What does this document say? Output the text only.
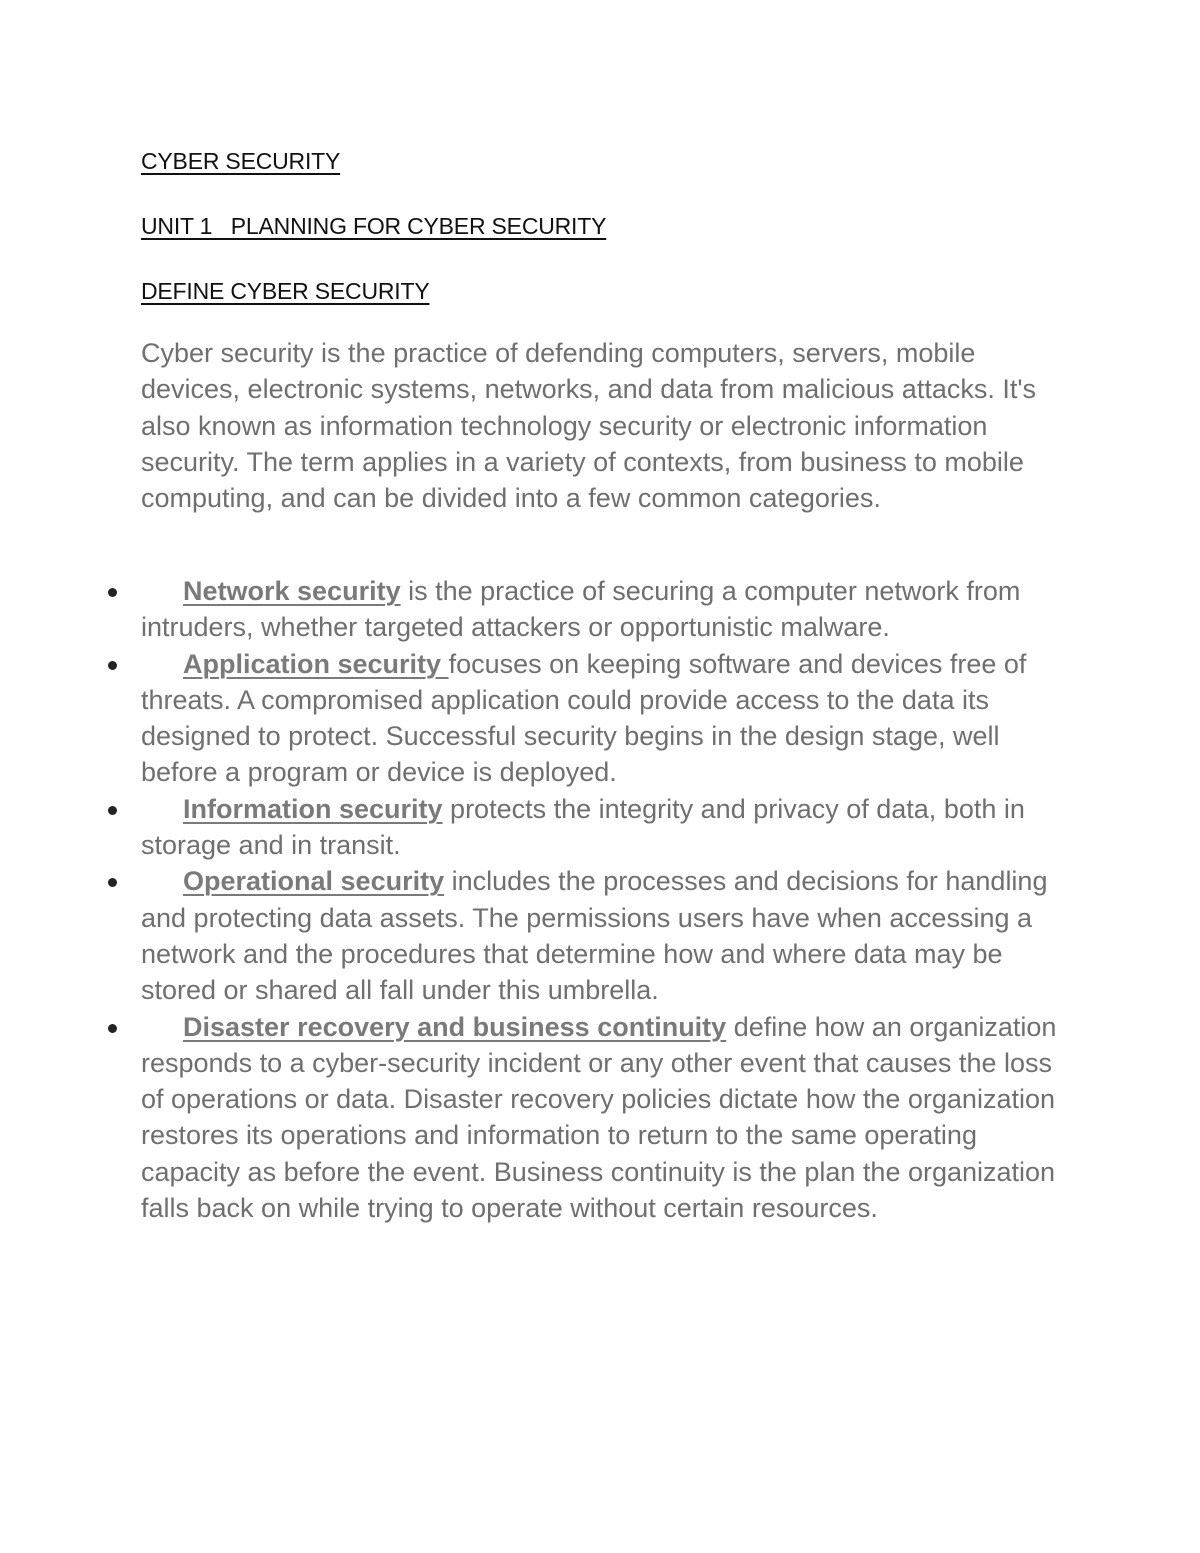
CYBER SECURITY

UNIT 1   PLANNING FOR CYBER SECURITY

DEFINE CYBER SECURITY

Cyber security is the practice of defending computers, servers, mobile devices, electronic systems, networks, and data from malicious attacks. It's also known as information technology security or electronic information security. The term applies in a variety of contexts, from business to mobile computing, and can be divided into a few common categories.

Network security is the practice of securing a computer network from intruders, whether targeted attackers or opportunistic malware.
Application security focuses on keeping software and devices free of threats. A compromised application could provide access to the data its designed to protect. Successful security begins in the design stage, well before a program or device is deployed.
Information security protects the integrity and privacy of data, both in storage and in transit.
Operational security includes the processes and decisions for handling and protecting data assets. The permissions users have when accessing a network and the procedures that determine how and where data may be stored or shared all fall under this umbrella.
Disaster recovery and business continuity define how an organization responds to a cyber-security incident or any other event that causes the loss of operations or data. Disaster recovery policies dictate how the organization restores its operations and information to return to the same operating capacity as before the event. Business continuity is the plan the organization falls back on while trying to operate without certain resources.
